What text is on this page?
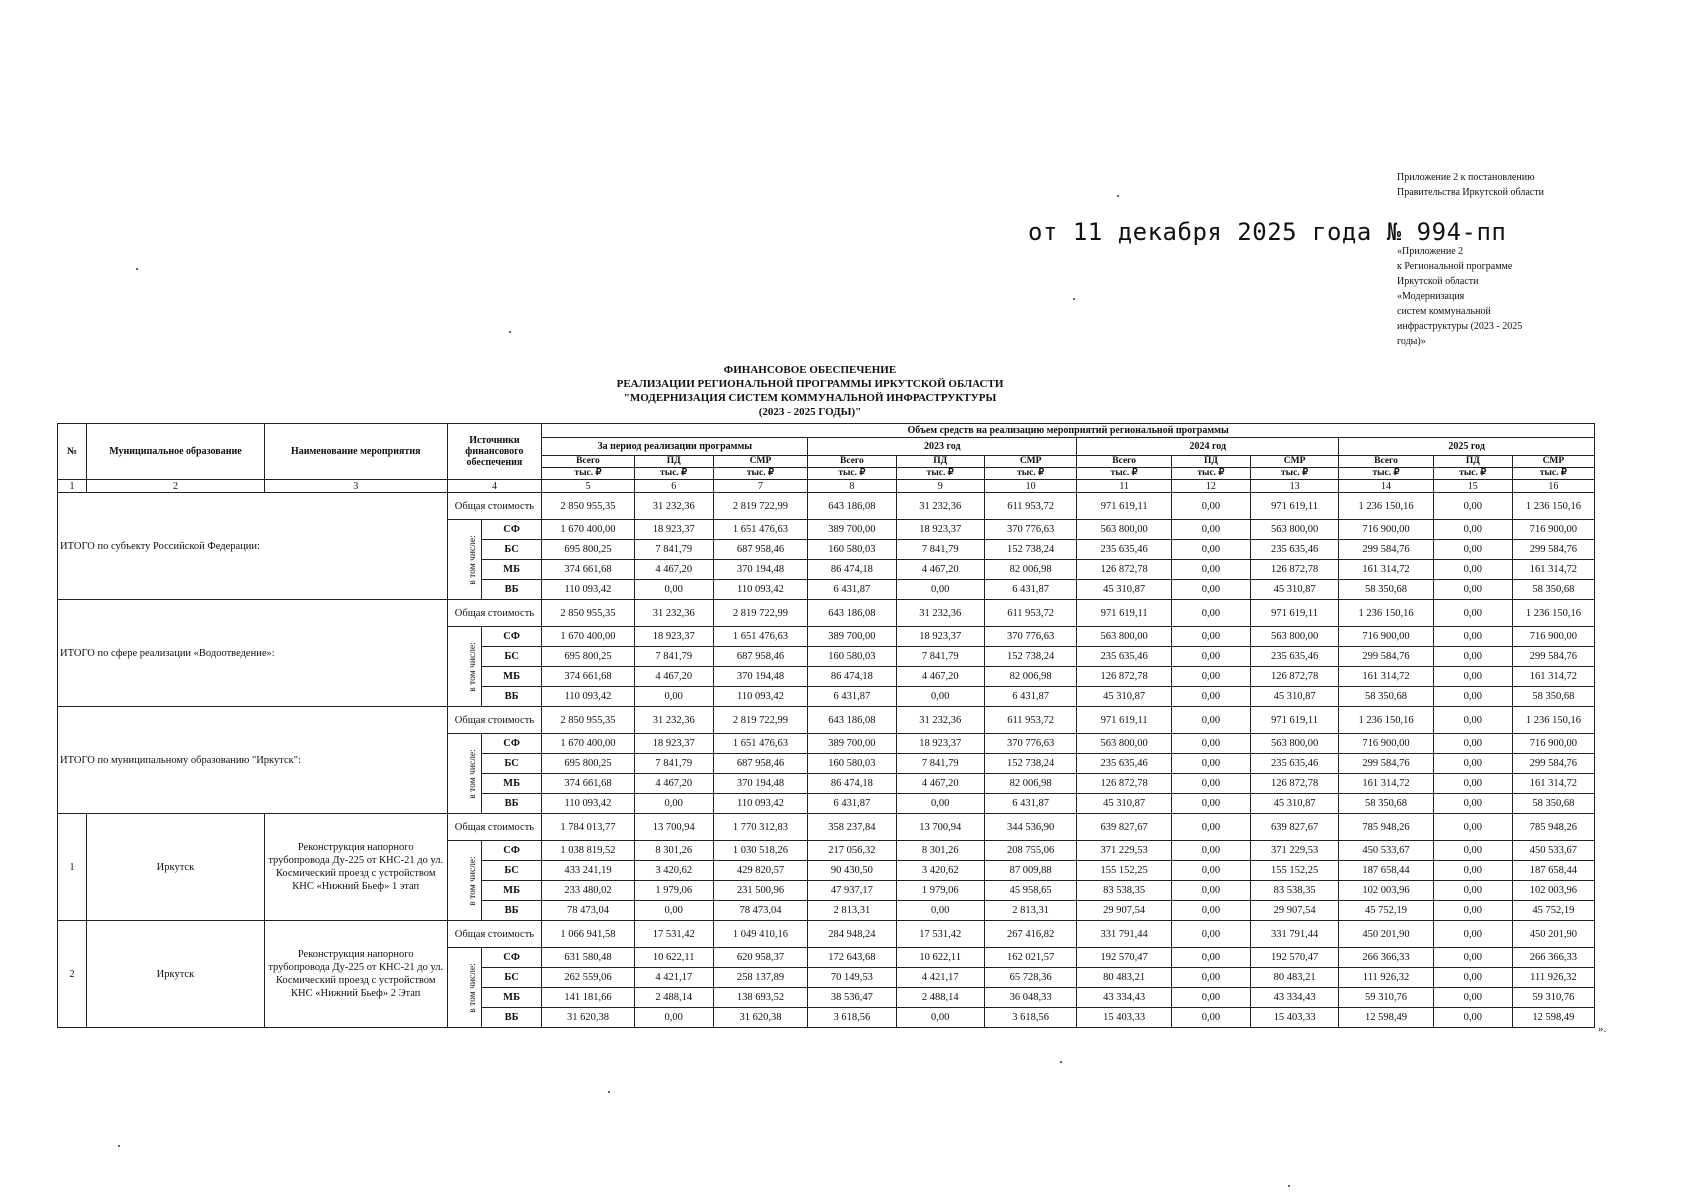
Приложение 2 к постановлению Правительства Иркутской области
от 11 декабря 2025 года № 994-пп
«Приложение 2
к Региональной программе
Иркутской области
«Модернизация
систем коммунальной
инфраструктуры (2023 - 2025
годы)»
ФИНАНСОВОЕ ОБЕСПЕЧЕНИЕ
РЕАЛИЗАЦИИ РЕГИОНАЛЬНОЙ ПРОГРАММЫ ИРКУТСКОЙ ОБЛАСТИ
"МОДЕРНИЗАЦИЯ СИСТЕМ КОММУНАЛЬНОЙ ИНФРАСТРУКТУРЫ
(2023 - 2025 ГОДЫ)"
№	Муниципальное образование	Наименование мероприятия	Источники финансового обеспечения		Объем средств на реализацию мероприятий региональной программы											
					За период реализации программы			2023 год			2024 год			2025 год		
					Всего	ПД	СМР	Всего	ПД	СМР	Всего	ПД	СМР	Всего	ПД	СМР
					тыс. ₽	тыс. ₽	тыс. ₽	тыс. ₽	тыс. ₽	тыс. ₽	тыс. ₽	тыс. ₽	тыс. ₽	тыс. ₽	тыс. ₽	тыс. ₽
1	2	3	4		5	6	7	8	9	10	11	12	13	14	15	16
ИТОГО по субъекту Российской Федерации:			Общая стоимость		2 850 955,35	31 232,36	2 819 722,99	643 186,08	31 232,36	611 953,72	971 619,11	0,00	971 619,11	1 236 150,16	0,00	1 236 150,16
			в том числе:	СФ	1 670 400,00	18 923,37	1 651 476,63	389 700,00	18 923,37	370 776,63	563 800,00	0,00	563 800,00	716 900,00	0,00	716 900,00
				БС	695 800,25	7 841,79	687 958,46	160 580,03	7 841,79	152 738,24	235 635,46	0,00	235 635,46	299 584,76	0,00	299 584,76
				МБ	374 661,68	4 467,20	370 194,48	86 474,18	4 467,20	82 006,98	126 872,78	0,00	126 872,78	161 314,72	0,00	161 314,72
				ВБ	110 093,42	0,00	110 093,42	6 431,87	0,00	6 431,87	45 310,87	0,00	45 310,87	58 350,68	0,00	58 350,68
ИТОГО по сфере реализации «Водоотведение»:			Общая стоимость		2 850 955,35	31 232,36	2 819 722,99	643 186,08	31 232,36	611 953,72	971 619,11	0,00	971 619,11	1 236 150,16	0,00	1 236 150,16
			в том числе:	СФ	1 670 400,00	18 923,37	1 651 476,63	389 700,00	18 923,37	370 776,63	563 800,00	0,00	563 800,00	716 900,00	0,00	716 900,00
				БС	695 800,25	7 841,79	687 958,46	160 580,03	7 841,79	152 738,24	235 635,46	0,00	235 635,46	299 584,76	0,00	299 584,76
				МБ	374 661,68	4 467,20	370 194,48	86 474,18	4 467,20	82 006,98	126 872,78	0,00	126 872,78	161 314,72	0,00	161 314,72
				ВБ	110 093,42	0,00	110 093,42	6 431,87	0,00	6 431,87	45 310,87	0,00	45 310,87	58 350,68	0,00	58 350,68
ИТОГО по муниципальному образованию "Иркутск":			Общая стоимость		2 850 955,35	31 232,36	2 819 722,99	643 186,08	31 232,36	611 953,72	971 619,11	0,00	971 619,11	1 236 150,16	0,00	1 236 150,16
			в том числе:	СФ	1 670 400,00	18 923,37	1 651 476,63	389 700,00	18 923,37	370 776,63	563 800,00	0,00	563 800,00	716 900,00	0,00	716 900,00
				БС	695 800,25	7 841,79	687 958,46	160 580,03	7 841,79	152 738,24	235 635,46	0,00	235 635,46	299 584,76	0,00	299 584,76
				МБ	374 661,68	4 467,20	370 194,48	86 474,18	4 467,20	82 006,98	126 872,78	0,00	126 872,78	161 314,72	0,00	161 314,72
				ВБ	110 093,42	0,00	110 093,42	6 431,87	0,00	6 431,87	45 310,87	0,00	45 310,87	58 350,68	0,00	58 350,68
1	Иркутск	Реконструкция напорного трубопровода Ду-225 от КНС-21 до ул. Космический проезд с устройством КНС «Нижний Бьеф» 1 этап	Общая стоимость		1 784 013,77	13 700,94	1 770 312,83	358 237,84	13 700,94	344 536,90	639 827,67	0,00	639 827,67	785 948,26	0,00	785 948,26
			в том числе:	СФ	1 038 819,52	8 301,26	1 030 518,26	217 056,32	8 301,26	208 755,06	371 229,53	0,00	371 229,53	450 533,67	0,00	450 533,67
				БС	433 241,19	3 420,62	429 820,57	90 430,50	3 420,62	87 009,88	155 152,25	0,00	155 152,25	187 658,44	0,00	187 658,44
				МБ	233 480,02	1 979,06	231 500,96	47 937,17	1 979,06	45 958,65	83 538,35	0,00	83 538,35	102 003,96	0,00	102 003,96
				ВБ	78 473,04	0,00	78 473,04	2 813,31	0,00	2 813,31	29 907,54	0,00	29 907,54	45 752,19	0,00	45 752,19
2	Иркутск	Реконструкция напорного трубопровода Ду-225 от КНС-21 до ул. Космический проезд с устройством КНС «Нижний Бьеф» 2 Этап	Общая стоимость		1 066 941,58	17 531,42	1 049 410,16	284 948,24	17 531,42	267 416,82	331 791,44	0,00	331 791,44	450 201,90	0,00	450 201,90
			в том числе:	СФ	631 580,48	10 622,11	620 958,37	172 643,68	10 622,11	162 021,57	192 570,47	0,00	192 570,47	266 366,33	0,00	266 366,33
				БС	262 559,06	4 421,17	258 137,89	70 149,53	4 421,17	65 728,36	80 483,21	0,00	80 483,21	111 926,32	0,00	111 926,32
				МБ	141 181,66	2 488,14	138 693,52	38 536,47	2 488,14	36 048,33	43 334,43	0,00	43 334,43	59 310,76	0,00	59 310,76
				ВБ	31 620,38	0,00	31 620,38	3 618,56	0,00	3 618,56	15 403,33	0,00	15 403,33	12 598,49	0,00	12 598,49
».
